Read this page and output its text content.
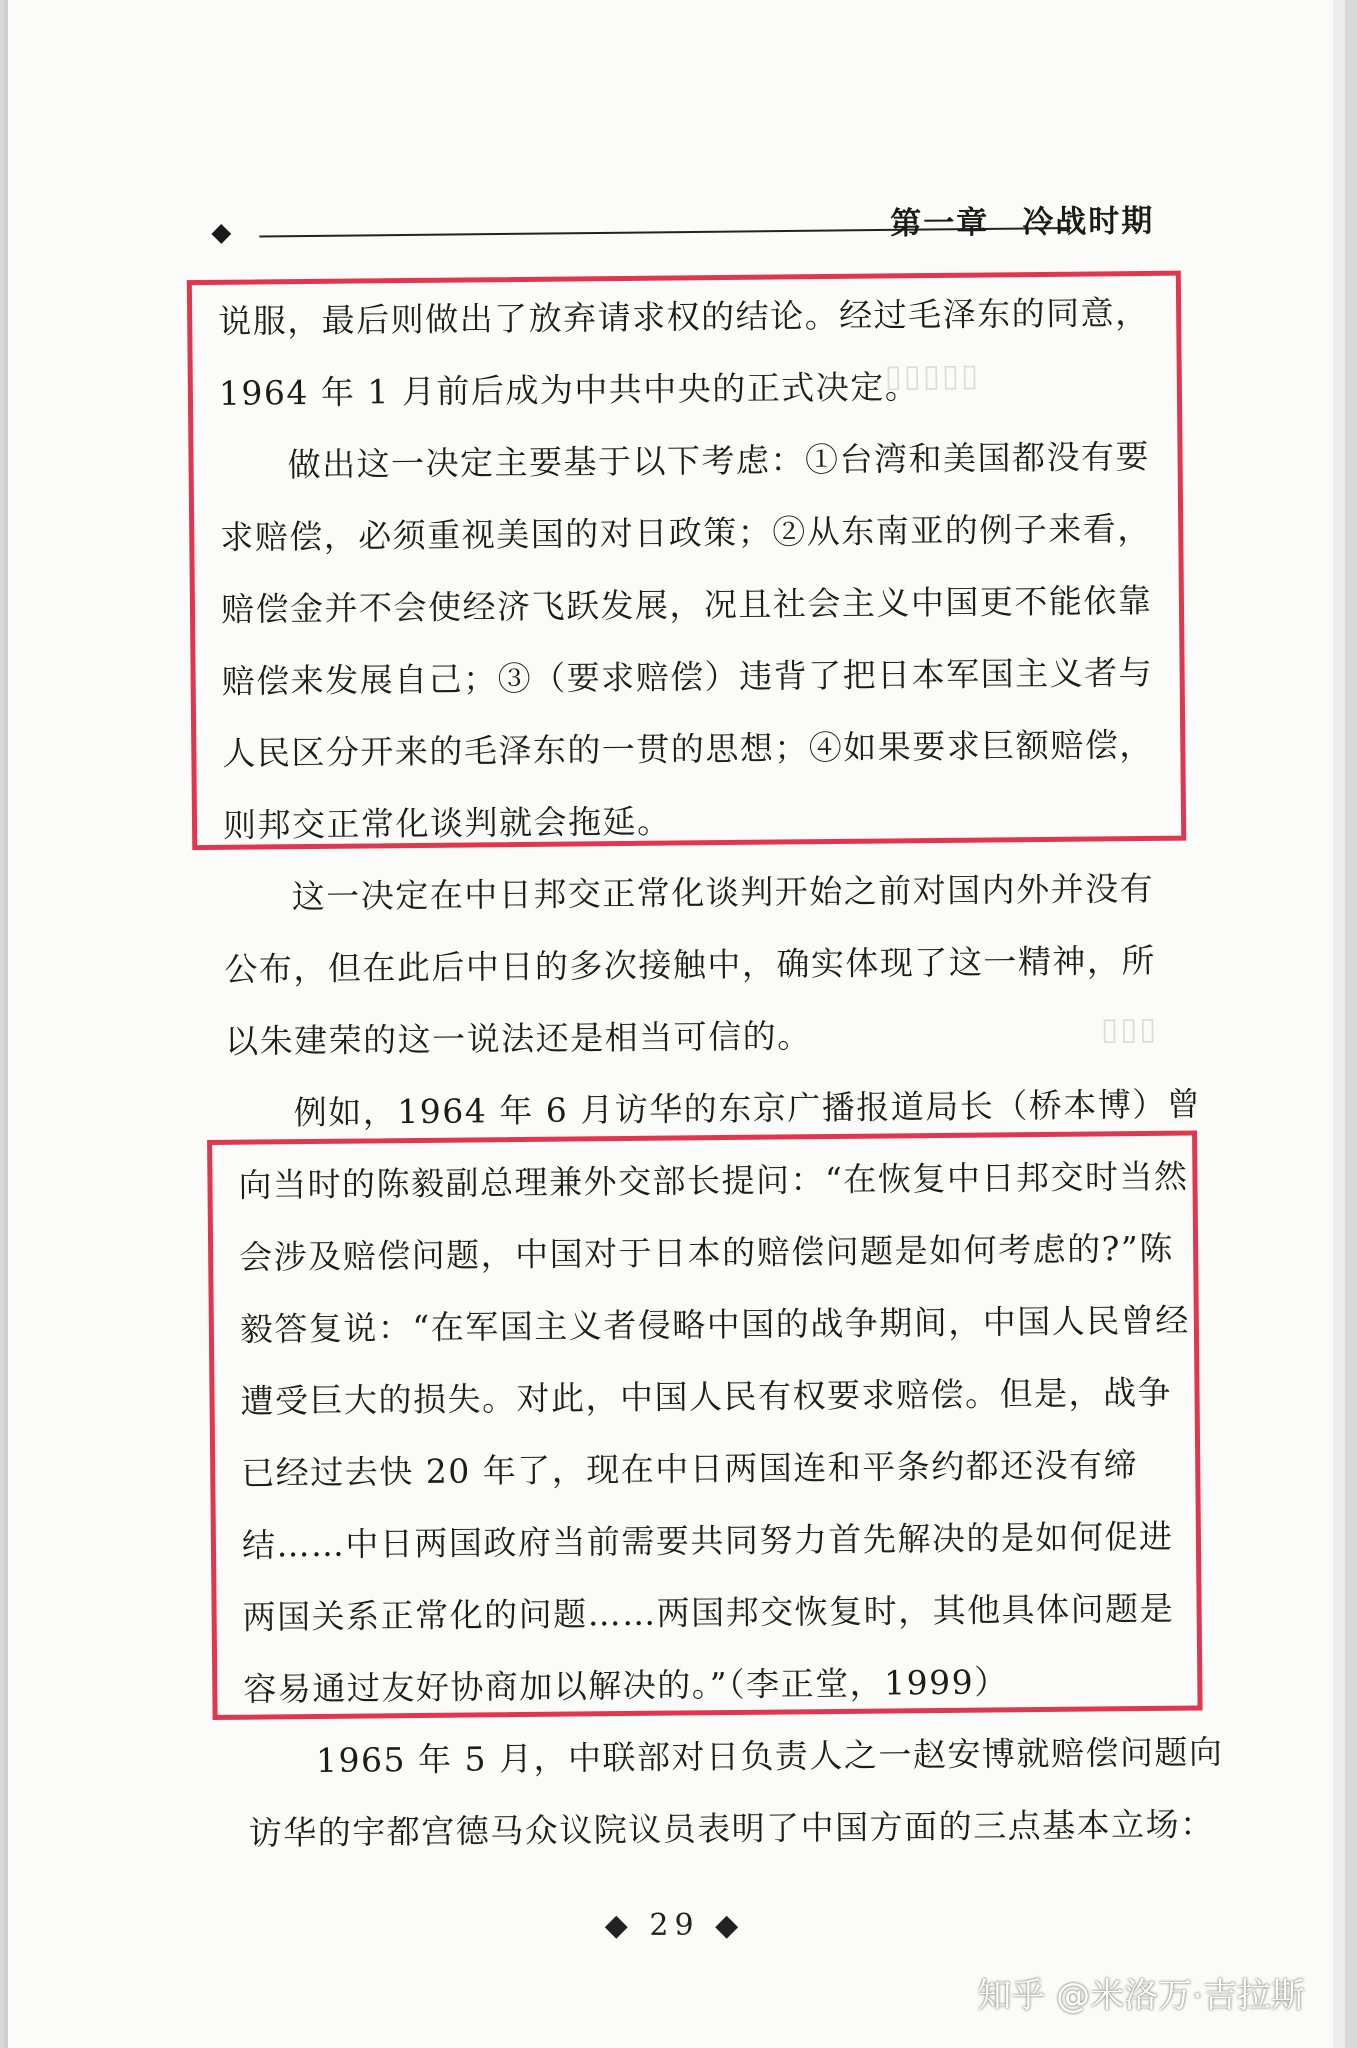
第一章　冷战时期
▯▯▯▯▯
▯▯▯
说服，最后则做出了放弃请求权的结论。经过毛泽东的同意，
1964 年 1 月前后成为中共中央的正式决定。
做出这一决定主要基于以下考虑：①台湾和美国都没有要
求赔偿，必须重视美国的对日政策；②从东南亚的例子来看，
赔偿金并不会使经济飞跃发展，况且社会主义中国更不能依靠
赔偿来发展自己；③（要求赔偿）违背了把日本军国主义者与
人民区分开来的毛泽东的一贯的思想；④如果要求巨额赔偿，
则邦交正常化谈判就会拖延。
这一决定在中日邦交正常化谈判开始之前对国内外并没有
公布，但在此后中日的多次接触中，确实体现了这一精神，所
以朱建荣的这一说法还是相当可信的。
例如，1964 年 6 月访华的东京广播报道局长（桥本博）曾
向当时的陈毅副总理兼外交部长提问：“在恢复中日邦交时当然
会涉及赔偿问题，中国对于日本的赔偿问题是如何考虑的?”陈
毅答复说：“在军国主义者侵略中国的战争期间，中国人民曾经
遭受巨大的损失。对此，中国人民有权要求赔偿。但是，战争
已经过去快 20 年了，现在中日两国连和平条约都还没有缔
结……中日两国政府当前需要共同努力首先解决的是如何促进
两国关系正常化的问题……两国邦交恢复时，其他具体问题是
容易通过友好协商加以解决的。”（李正堂，1999）
1965 年 5 月，中联部对日负责人之一赵安博就赔偿问题向
访华的宇都宫德马众议院议员表明了中国方面的三点基本立场：
◆ 29 ◆
知乎 @米洛万·吉拉斯
